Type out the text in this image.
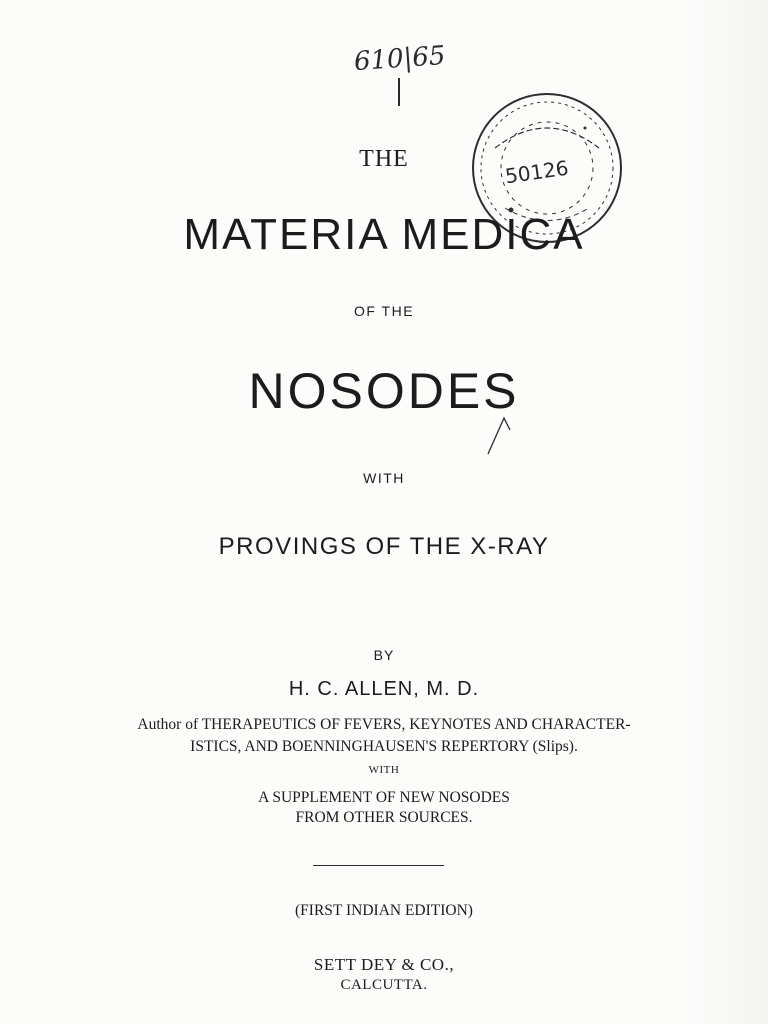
610|65
50126
THE
MATERIA MEDICA
OF THE
NOSODES
WITH
PROVINGS OF THE X-RAY
BY
H. C. ALLEN, M. D.
Author of THERAPEUTICS OF FEVERS, KEYNOTES AND CHARACTER-
ISTICS, AND BOENNINGHAUSEN'S REPERTORY (Slips).
WITH
A SUPPLEMENT OF NEW NOSODES
FROM OTHER SOURCES.
(FIRST INDIAN EDITION)
SETT DEY & CO.,
CALCUTTA.
